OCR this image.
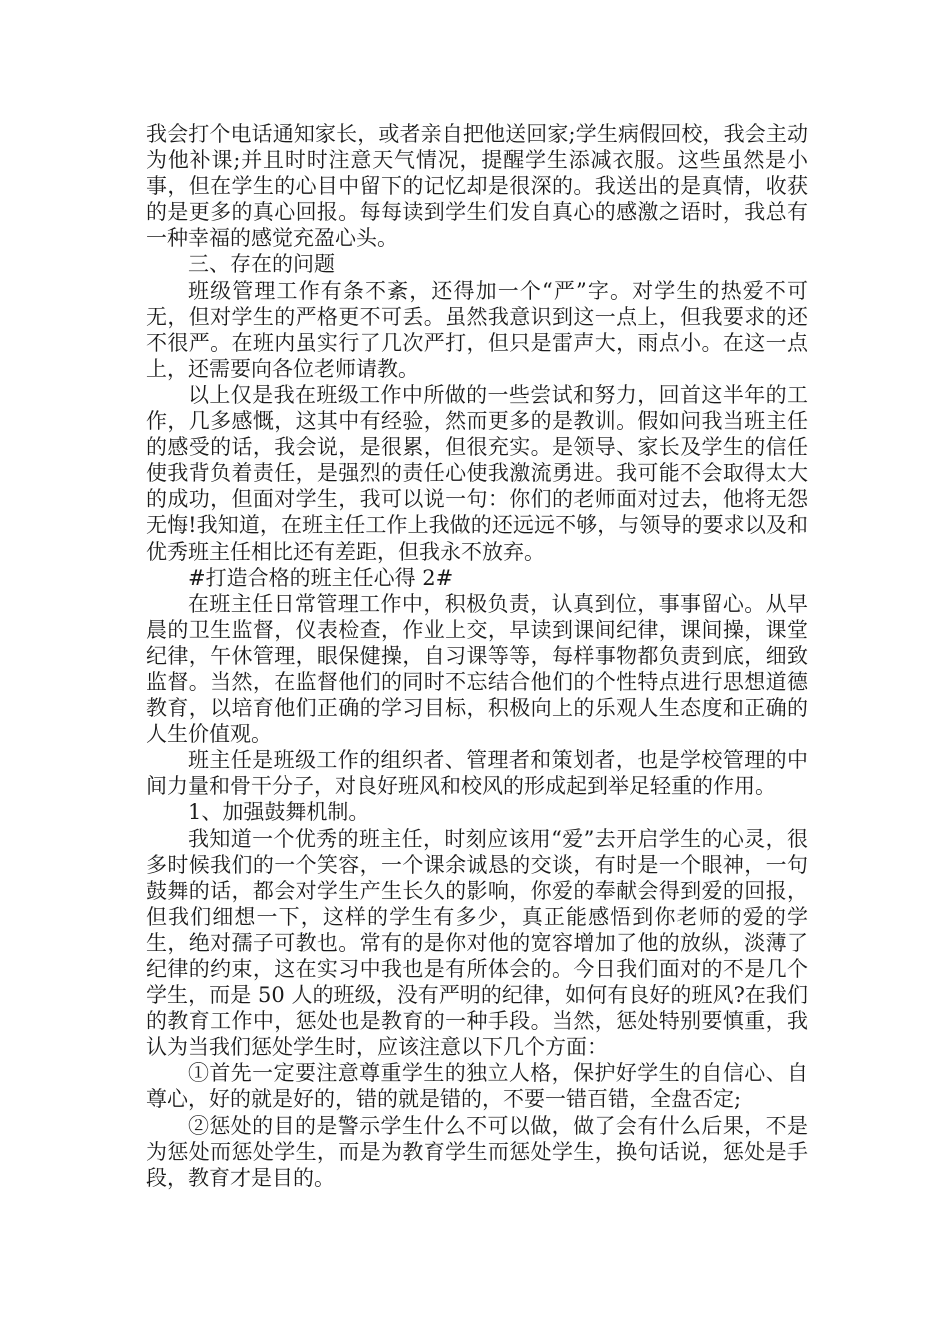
我会打个电话通知家长，或者亲自把他送回家;学生病假回校，我会主动为他补课;并且时时注意天气情况，提醒学生添减衣服。这些虽然是小事，但在学生的心目中留下的记忆却是很深的。我送出的是真情，收获的是更多的真心回报。每每读到学生们发自真心的感激之语时，我总有一种幸福的感觉充盈心头。

三、存在的问题

班级管理工作有条不紊，还得加一个“严”字。对学生的热爱不可无，但对学生的严格更不可丢。虽然我意识到这一点上，但我要求的还不很严。在班内虽实行了几次严打，但只是雷声大，雨点小。在这一点上，还需要向各位老师请教。

以上仅是我在班级工作中所做的一些尝试和努力，回首这半年的工作，几多感慨，这其中有经验，然而更多的是教训。假如问我当班主任的感受的话，我会说，是很累，但很充实。是领导、家长及学生的信任使我背负着责任，是强烈的责任心使我激流勇进。我可能不会取得太大的成功，但面对学生，我可以说一句：你们的老师面对过去，他将无怨无悔!我知道，在班主任工作上我做的还远远不够，与领导的要求以及和优秀班主任相比还有差距，但我永不放弃。

#打造合格的班主任心得 2#

在班主任日常管理工作中，积极负责，认真到位，事事留心。从早晨的卫生监督，仪表检查，作业上交，早读到课间纪律，课间操，课堂纪律，午休管理，眼保健操，自习课等等，每样事物都负责到底，细致监督。当然，在监督他们的同时不忘结合他们的个性特点进行思想道德教育，以培育他们正确的学习目标，积极向上的乐观人生态度和正确的人生价值观。

班主任是班级工作的组织者、管理者和策划者，也是学校管理的中间力量和骨干分子，对良好班风和校风的形成起到举足轻重的作用。

1、加强鼓舞机制。

我知道一个优秀的班主任，时刻应该用“爱”去开启学生的心灵，很多时候我们的一个笑容，一个课余诚恳的交谈，有时是一个眼神，一句鼓舞的话，都会对学生产生长久的影响，你爱的奉献会得到爱的回报，但我们细想一下，这样的学生有多少，真正能感悟到你老师的爱的学生，绝对孺子可教也。常有的是你对他的宽容增加了他的放纵，淡薄了纪律的约束，这在实习中我也是有所体会的。今日我们面对的不是几个学生，而是 50 人的班级，没有严明的纪律，如何有良好的班风?在我们的教育工作中，惩处也是教育的一种手段。当然，惩处特别要慎重，我认为当我们惩处学生时，应该注意以下几个方面：

①首先一定要注意尊重学生的独立人格，保护好学生的自信心、自尊心，好的就是好的，错的就是错的，不要一错百错，全盘否定;

②惩处的目的是警示学生什么不可以做，做了会有什么后果，不是为惩处而惩处学生，而是为教育学生而惩处学生，换句话说，惩处是手段，教育才是目的。
